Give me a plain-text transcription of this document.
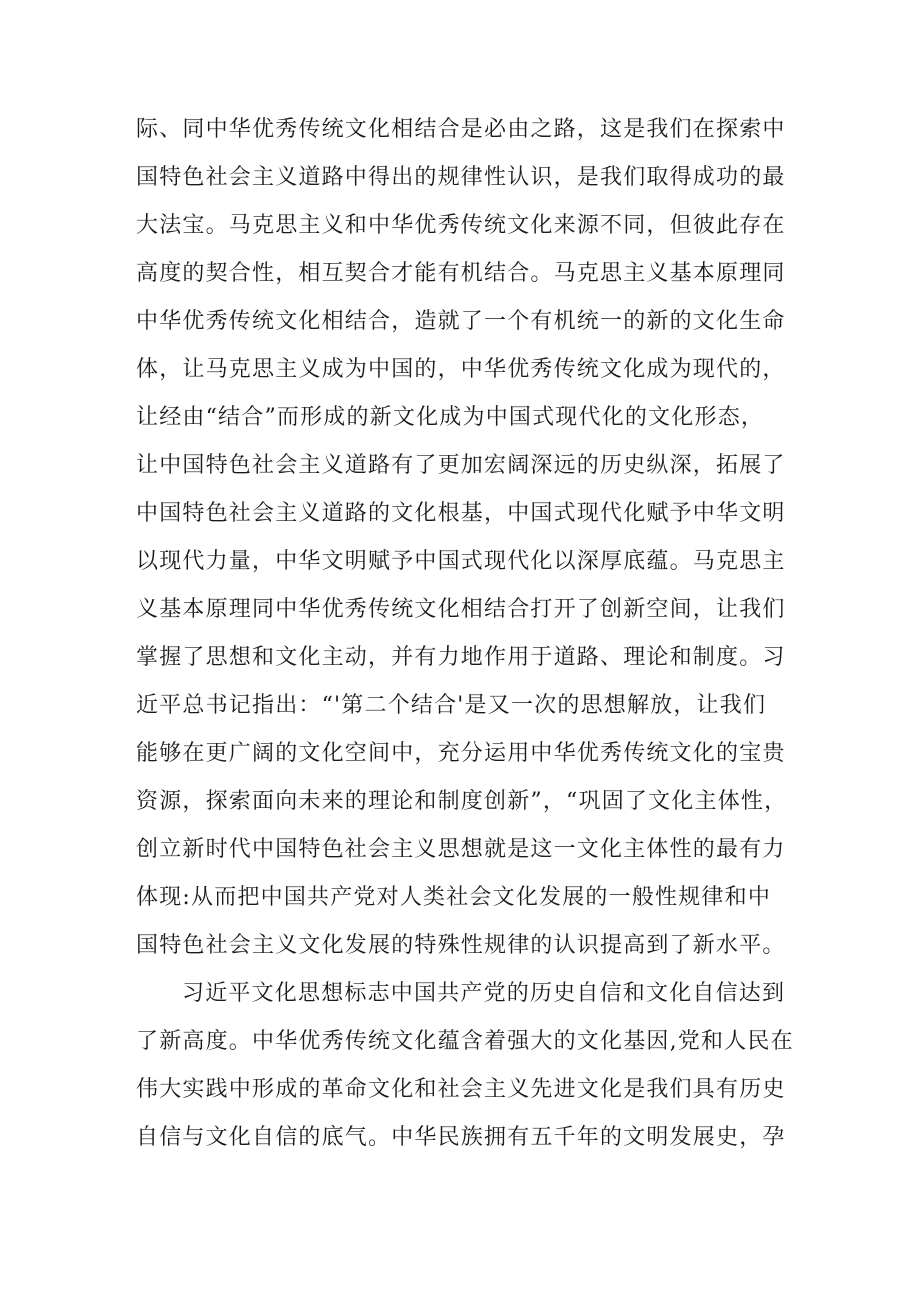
际、同中华优秀传统文化相结合是必由之路，这是我们在探索中
国特色社会主义道路中得出的规律性认识，是我们取得成功的最
大法宝。马克思主义和中华优秀传统文化来源不同，但彼此存在
高度的契合性，相互契合才能有机结合。马克思主义基本原理同
中华优秀传统文化相结合，造就了一个有机统一的新的文化生命
体，让马克思主义成为中国的，中华优秀传统文化成为现代的，
让经由“结合”而形成的新文化成为中国式现代化的文化形态，
让中国特色社会主义道路有了更加宏阔深远的历史纵深，拓展了
中国特色社会主义道路的文化根基，中国式现代化赋予中华文明
以现代力量，中华文明赋予中国式现代化以深厚底蕴。马克思主
义基本原理同中华优秀传统文化相结合打开了创新空间，让我们
掌握了思想和文化主动，并有力地作用于道路、理论和制度。习
近平总书记指出：“'第二个结合'是又一次的思想解放，让我们
能够在更广阔的文化空间中，充分运用中华优秀传统文化的宝贵
资源，探索面向未来的理论和制度创新”，“巩固了文化主体性，
创立新时代中国特色社会主义思想就是这一文化主体性的最有力
体现:从而把中国共产党对人类社会文化发展的一般性规律和中
国特色社会主义文化发展的特殊性规律的认识提高到了新水平。
习近平文化思想标志中国共产党的历史自信和文化自信达到
了新高度。中华优秀传统文化蕴含着强大的文化基因,党和人民在
伟大实践中形成的革命文化和社会主义先进文化是我们具有历史
自信与文化自信的底气。中华民族拥有五千年的文明发展史，孕
